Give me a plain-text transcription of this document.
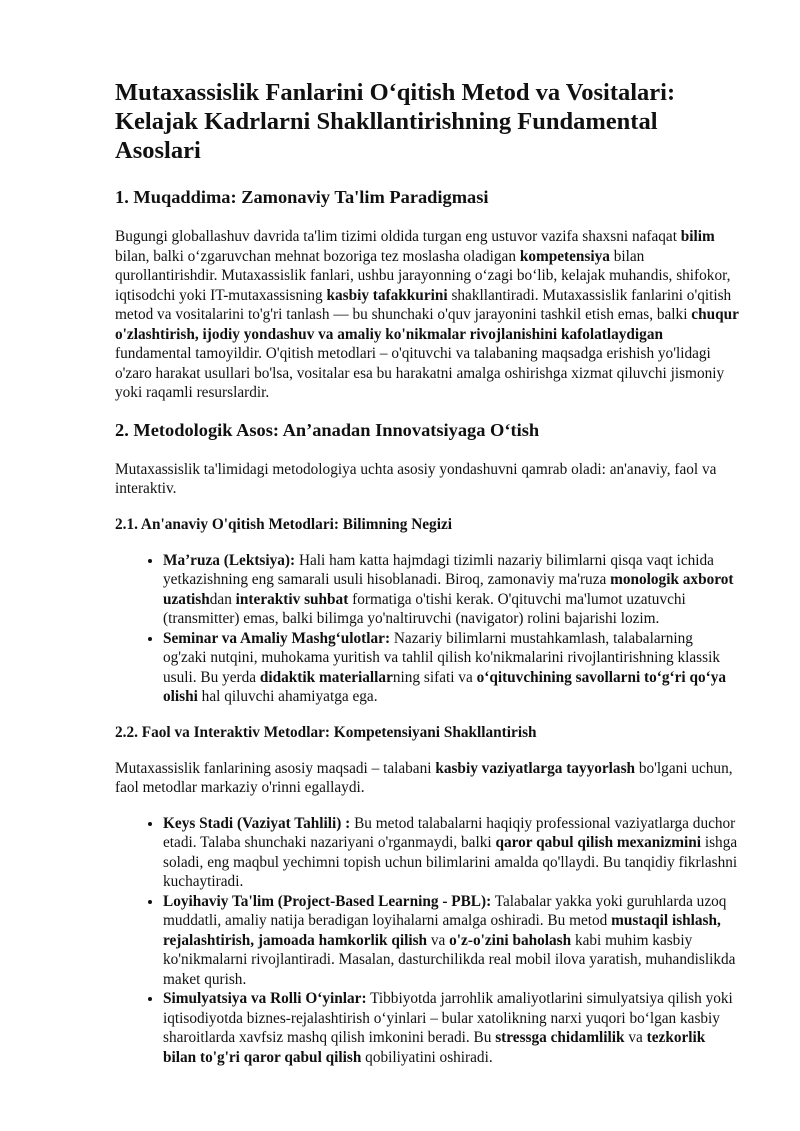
Mutaxassislik Fanlarini O‘qitish Metod va Vositalari: Kelajak Kadrlarni Shakllantirishning Fundamental Asoslari
1. Muqaddima: Zamonaviy Ta'lim Paradigmasi

Bugungi globallashuv davrida ta'lim tizimi oldida turgan eng ustuvor vazifa shaxsni nafaqat bilim bilan, balki o‘zgaruvchan mehnat bozoriga tez moslasha oladigan kompetensiya bilan qurollantirishdir. Mutaxassislik fanlari, ushbu jarayonning o‘zagi bo‘lib, kelajak muhandis, shifokor, iqtisodchi yoki IT-mutaxassisning kasbiy tafakkurini shakllantiradi. Mutaxassislik fanlarini o'qitish metod va vositalarini to'g'ri tanlash — bu shunchaki o'quv jarayonini tashkil etish emas, balki chuqur o'zlashtirish, ijodiy yondashuv va amaliy ko'nikmalar rivojlanishini kafolatlaydigan fundamental tamoyildir. O'qitish metodlari – o'qituvchi va talabaning maqsadga erishish yo'lidagi o'zaro harakat usullari bo'lsa, vositalar esa bu harakatni amalga oshirishga xizmat qiluvchi jismoniy yoki raqamli resurslardir.

2. Metodologik Asos: An’anadan Innovatsiyaga O‘tish

Mutaxassislik ta'limidagi metodologiya uchta asosiy yondashuvni qamrab oladi: an'anaviy, faol va interaktiv.

2.1. An'anaviy O'qitish Metodlari: Bilimning Negizi
• Ma’ruza (Lektsiya): Hali ham katta hajmdagi tizimli nazariy bilimlarni qisqa vaqt ichida yetkazishning eng samarali usuli hisoblanadi. Biroq, zamonaviy ma'ruza monologik axborot uzatishdan interaktiv suhbat formatiga o'tishi kerak. O'qituvchi ma'lumot uzatuvchi (transmitter) emas, balki bilimga yo'naltiruvchi (navigator) rolini bajarishi lozim.
• Seminar va Amaliy Mashg‘ulotlar: Nazariy bilimlarni mustahkamlash, talabalarning og'zaki nutqini, muhokama yuritish va tahlil qilish ko'nikmalarini rivojlantirishning klassik usuli. Bu yerda didaktik materiallarning sifati va o‘qituvchining savollarni to‘g‘ri qo‘ya olishi hal qiluvchi ahamiyatga ega.
2.2. Faol va Interaktiv Metodlar: Kompetensiyani Shakllantirish

Mutaxassislik fanlarining asosiy maqsadi – talabani kasbiy vaziyatlarga tayyorlash bo'lgani uchun, faol metodlar markaziy o'rinni egallaydi.

• Keys Stadi (Vaziyat Tahlili) : Bu metod talabalarni haqiqiy professional vaziyatlarga duchor etadi. Talaba shunchaki nazariyani o'rganmaydi, balki qaror qabul qilish mexanizmini ishga soladi, eng maqbul yechimni topish uchun bilimlarini amalda qo'llaydi. Bu tanqidiy fikrlashni kuchaytiradi.
• Loyihaviy Ta'lim (Project-Based Learning - PBL): Talabalar yakka yoki guruhlarda uzoq muddatli, amaliy natija beradigan loyihalarni amalga oshiradi. Bu metod mustaqil ishlash, rejalashtirish, jamoada hamkorlik qilish va o'z-o'zini baholash kabi muhim kasbiy ko'nikmalarni rivojlantiradi. Masalan, dasturchilikda real mobil ilova yaratish, muhandislikda maket qurish.
• Simulyatsiya va Rolli O‘yinlar: Tibbiyotda jarrohlik amaliyotlarini simulyatsiya qilish yoki iqtisodiyotda biznes-rejalashtirish o‘yinlari – bular xatolikning narxi yuqori bo‘lgan kasbiy sharoitlarda xavfsiz mashq qilish imkonini beradi. Bu stressga chidamlilik va tezkorlik bilan to'g'ri qaror qabul qilish qobiliyatini oshiradi.
